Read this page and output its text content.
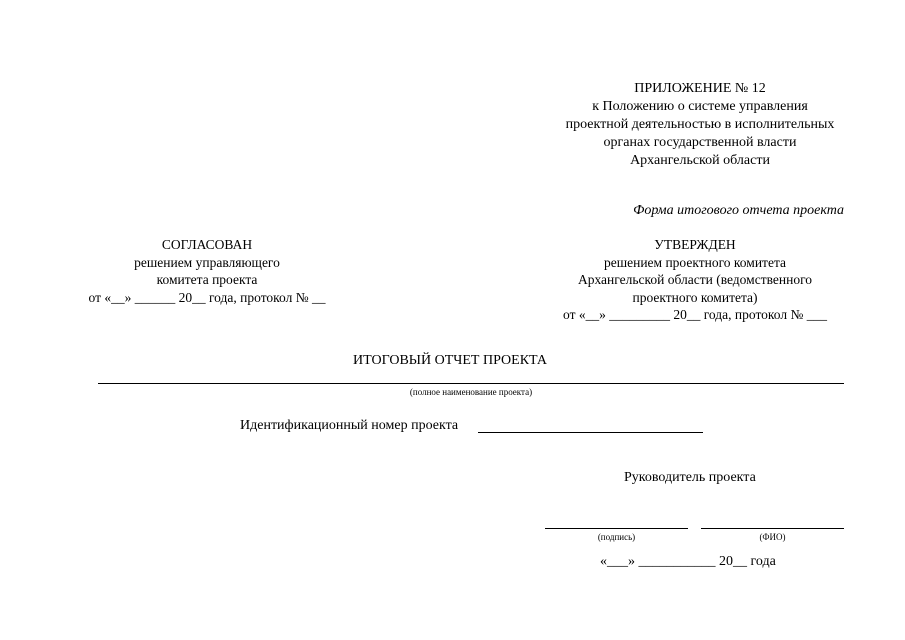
ПРИЛОЖЕНИЕ № 12
к Положению о системе управления
проектной деятельностью в исполнительных
органах государственной власти
Архангельской области
Форма итогового отчета проекта
СОГЛАСОВАН
решением управляющего
комитета проекта
от «__» ______ 20__ года, протокол № __
УТВЕРЖДЕН
решением проектного комитета
Архангельской области (ведомственного
проектного комитета)
от «__» _________ 20__ года, протокол № ___
ИТОГОВЫЙ ОТЧЕТ ПРОЕКТА
(полное наименование проекта)
Идентификационный номер проекта
Руководитель проекта
(подпись)	(ФИО)
«___» ___________ 20__ года
